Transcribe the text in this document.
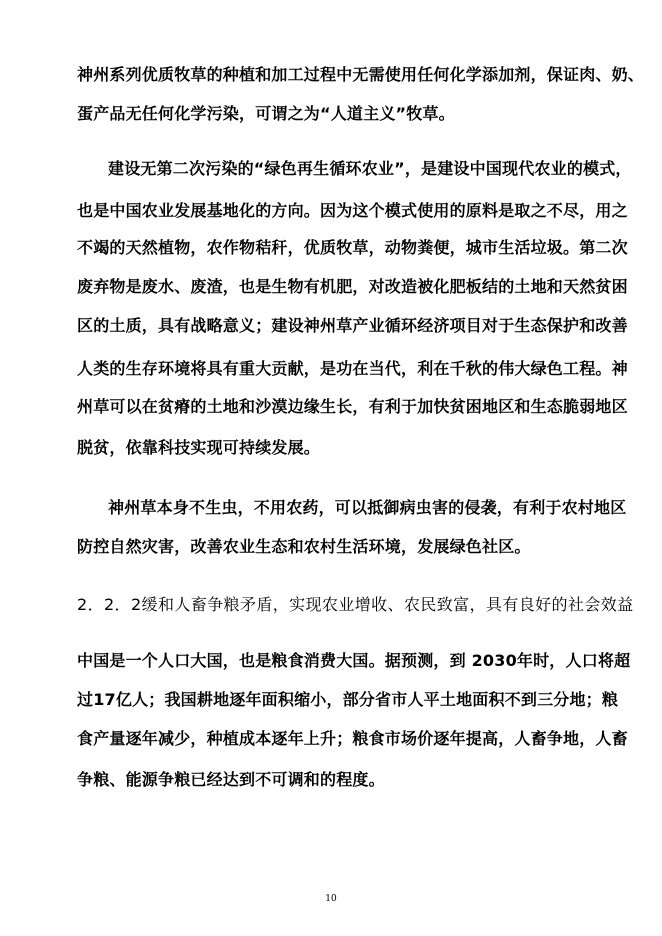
神州系列优质牧草的种植和加工过程中无需使用任何化学添加剂，保证肉、奶、
蛋产品无任何化学污染，可谓之为“人道主义”牧草。
建设无第二次污染的“绿色再生循环农业”，是建设中国现代农业的模式，
也是中国农业发展基地化的方向。因为这个模式使用的原料是取之不尽，用之
不竭的天然植物，农作物秸秆，优质牧草，动物粪便，城市生活垃圾。第二次
废弃物是废水、废渣，也是生物有机肥，对改造被化肥板结的土地和天然贫困
区的土质，具有战略意义；建设神州草产业循环经济项目对于生态保护和改善
人类的生存环境将具有重大贡献，是功在当代，利在千秋的伟大绿色工程。神
州草可以在贫瘠的土地和沙漠边缘生长，有利于加快贫困地区和生态脆弱地区
脱贫，依靠科技实现可持续发展。
神州草本身不生虫，不用农药，可以抵御病虫害的侵袭，有利于农村地区
防控自然灾害，改善农业生态和农村生活环境，发展绿色社区。
2．2．2缓和人畜争粮矛盾，实现农业增收、农民致富，具有良好的社会效益
中国是一个人口大国，也是粮食消费大国。据预测，到 2030年时，人口将超
过17亿人；我国耕地逐年面积缩小，部分省市人平土地面积不到三分地；粮
食产量逐年减少，种植成本逐年上升；粮食市场价逐年提高，人畜争地，人畜
争粮、能源争粮已经达到不可调和的程度。
10
